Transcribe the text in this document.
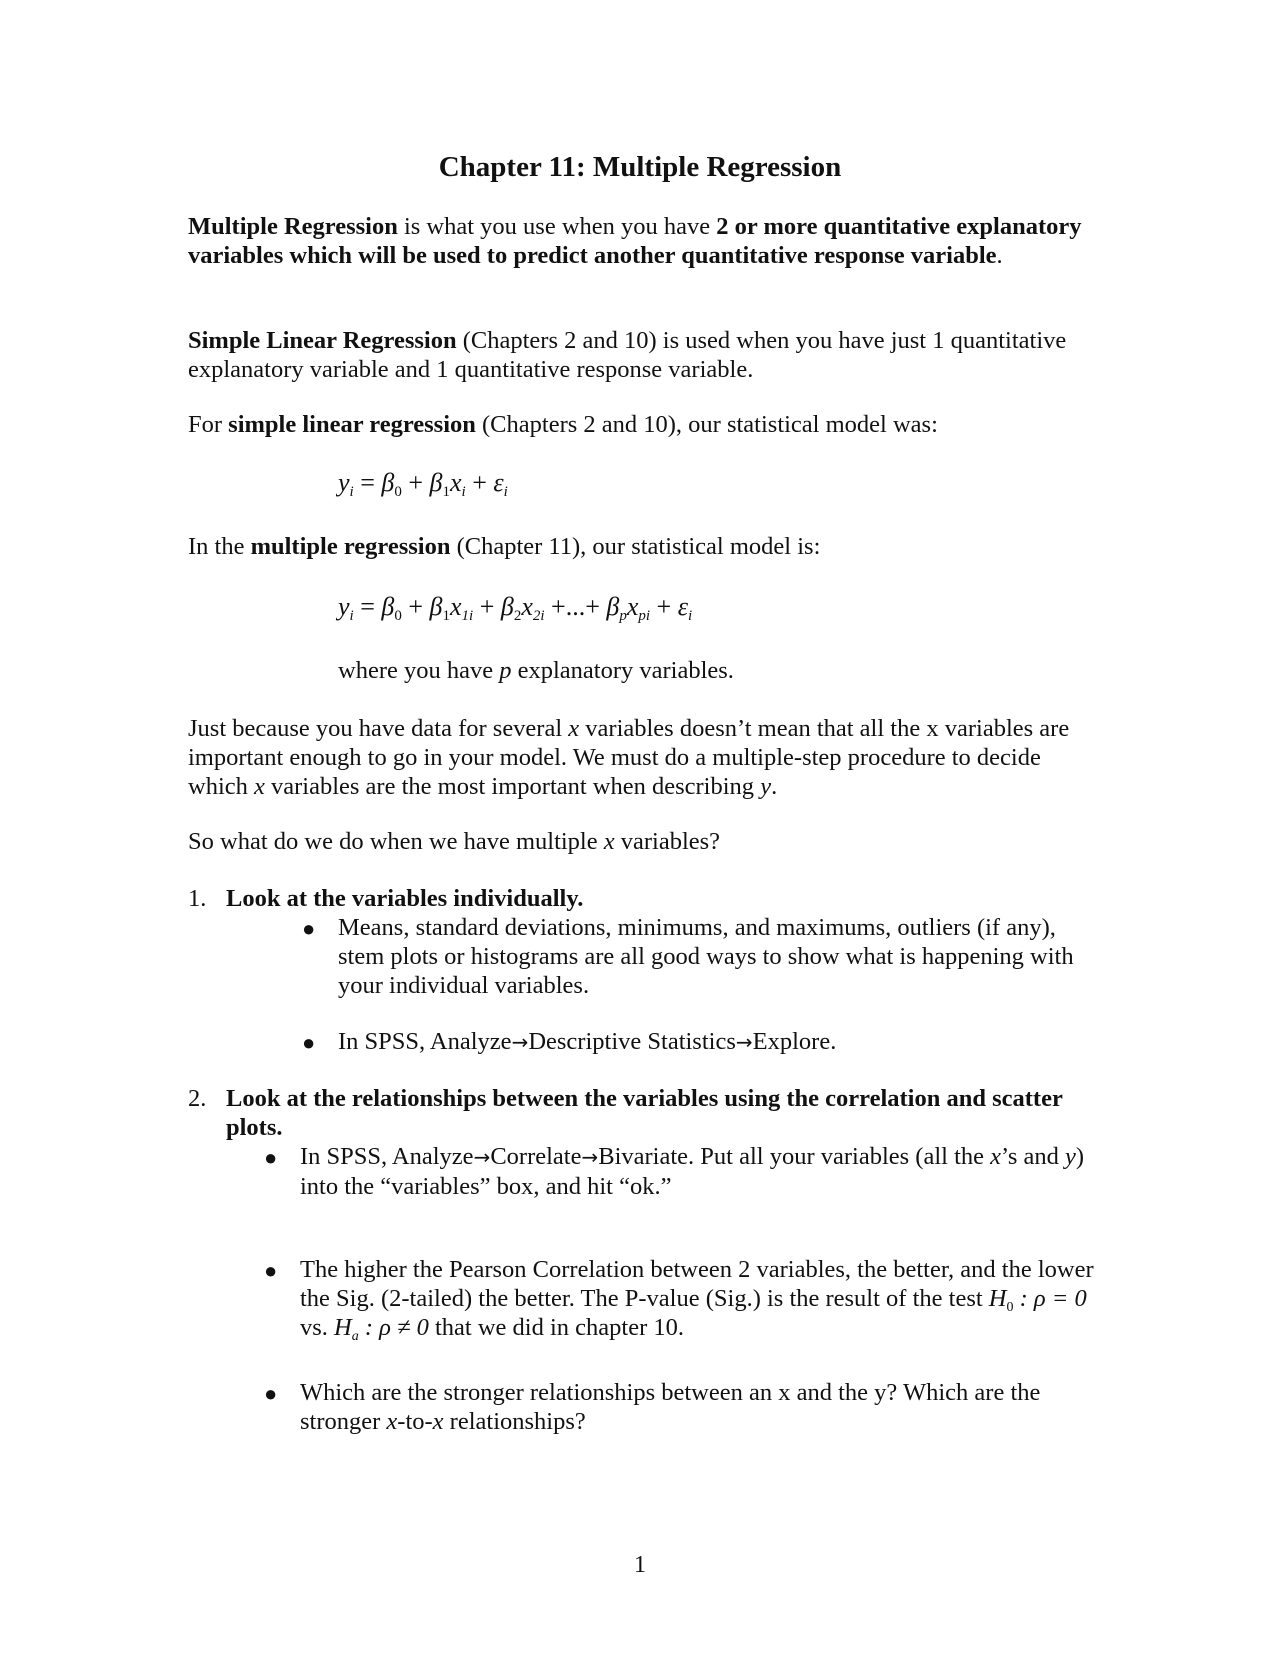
Chapter 11: Multiple Regression

Multiple Regression is what you use when you have 2 or more quantitative explanatory variables which will be used to predict another quantitative response variable.

Simple Linear Regression (Chapters 2 and 10) is used when you have just 1 quantitative explanatory variable and 1 quantitative response variable.

For simple linear regression (Chapters 2 and 10), our statistical model was:

$y_i = \beta_0 + \beta_1x_i + \varepsilon_i$

In the multiple regression (Chapter 11), our statistical model is:

$y_i = \beta_0 + \beta_1x_{1i} + \beta_2x_{2i}$ +...+ $\beta_px_{pi} + \varepsilon_i$

where you have p explanatory variables.

Just because you have data for several x variables doesn’t mean that all the x variables are important enough to go in your model. We must do a multiple-step procedure to decide which x variables are the most important when describing y.

So what do we do when we have multiple x variables?

1. Look at the variables individually.
● Means, standard deviations, minimums, and maximums, outliers (if any), stem plots or histograms are all good ways to show what is happening with your individual variables.

● In SPSS, Analyze→Descriptive Statistics→Explore.

2. Look at the relationships between the variables using the correlation and scatter plots.
● In SPSS, Analyze→Correlate→Bivariate. Put all your variables (all the x’s and y) into the “variables” box, and hit “ok.”

● The higher the Pearson Correlation between 2 variables, the better, and the lower the Sig. (2-tailed) the better. The P-value (Sig.) is the result of the test $H_0$ : ρ = 0 vs. $H_a$ : ρ ≠ 0 that we did in chapter 10.

● Which are the stronger relationships between an x and the y? Which are the stronger x-to-x relationships?

1
